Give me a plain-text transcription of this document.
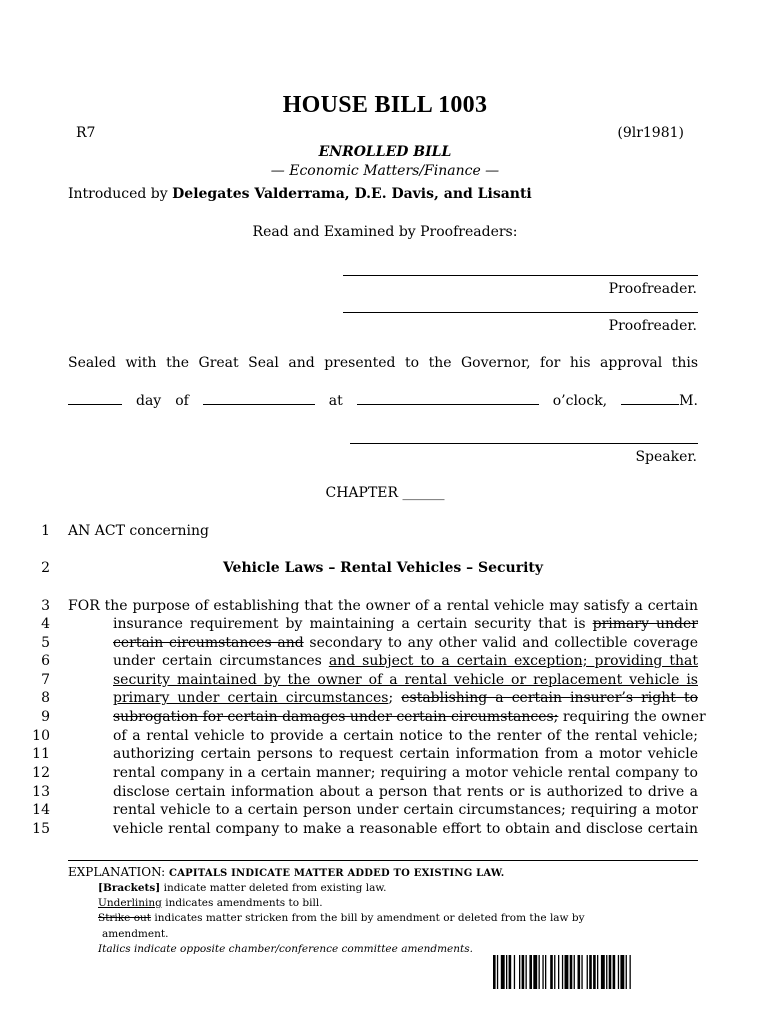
HOUSE BILL 1003
R7	(9lr1981)
ENROLLED BILL
— Economic Matters/Finance —
Introduced by Delegates Valderrama, D.E. Davis, and Lisanti
Read and Examined by Proofreaders:
Proofreader.
Proofreader.
Sealed with the Great Seal and presented to the Governor, for his approval this
day of	at	o’clock,	M.
Speaker.
CHAPTER ______
1
2
3
4
5
6
7
8
9
10
11
12
13
14
15
AN ACT concerning
Vehicle Laws – Rental Vehicles – Security
FOR the purpose of establishing that the owner of a rental vehicle may satisfy a certain
insurance requirement by maintaining a certain security that is primary under
certain circumstances and secondary to any other valid and collectible coverage
under certain circumstances and subject to a certain exception; providing that
security maintained by the owner of a rental vehicle or replacement vehicle is
primary under certain circumstances; establishing a certain insurer’s right to
subrogation for certain damages under certain circumstances; requiring the owner
of a rental vehicle to provide a certain notice to the renter of the rental vehicle;
authorizing certain persons to request certain information from a motor vehicle
rental company in a certain manner; requiring a motor vehicle rental company to
disclose certain information about a person that rents or is authorized to drive a
rental vehicle to a certain person under certain circumstances; requiring a motor
vehicle rental company to make a reasonable effort to obtain and disclose certain
EXPLANATION: CAPITALS INDICATE MATTER ADDED TO EXISTING LAW.
[Brackets] indicate matter deleted from existing law.
Underlining indicates amendments to bill.
Strike out indicates matter stricken from the bill by amendment or deleted from the law by
amendment.
Italics indicate opposite chamber/conference committee amendments.
